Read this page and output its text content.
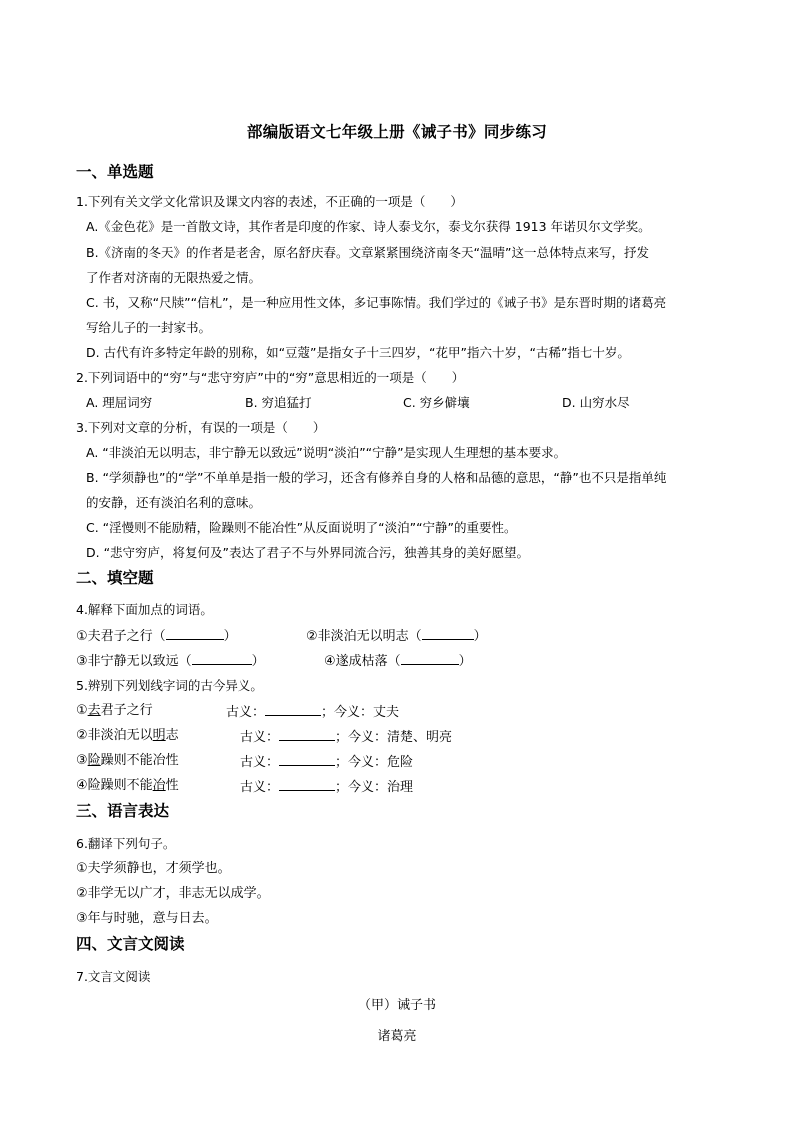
部编版语文七年级上册《诫子书》同步练习
一、单选题
1.下列有关文学文化常识及课文内容的表述，不正确的一项是（　　）
A.《金色花》是一首散文诗，其作者是印度的作家、诗人泰戈尔，泰戈尔获得 1913 年诺贝尔文学奖。
B.《济南的冬天》的作者是老舍，原名舒庆春。文章紧紧围绕济南冬天“温晴”这一总体特点来写，抒发
了作者对济南的无限热爱之情。
C. 书，又称“尺牍”“信札”，是一种应用性文体，多记事陈情。我们学过的《诫子书》是东晋时期的诸葛亮
写给儿子的一封家书。
D. 古代有许多特定年龄的别称，如“豆蔻”是指女子十三四岁，“花甲”指六十岁，“古稀”指七十岁。
2.下列词语中的“穷”与“悲守穷庐”中的“穷”意思相近的一项是（　　）
A. 理屈词穷	B. 穷追猛打	C. 穷乡僻壤	D. 山穷水尽
3.下列对文章的分析，有误的一项是（　　）
A. “非淡泊无以明志，非宁静无以致远”说明“淡泊”“宁静”是实现人生理想的基本要求。
B. “学须静也”的“学”不单单是指一般的学习，还含有修养自身的人格和品德的意思，“静”也不只是指单纯
的安静，还有淡泊名利的意味。
C. “淫慢则不能励精，险躁则不能冶性”从反面说明了“淡泊”“宁静”的重要性。
D. “悲守穷庐，将复何及”表达了君子不与外界同流合污，独善其身的美好愿望。
二、填空题
4.解释下面加点的词语。
①夫君子之行（	）	②非淡泊无以明志（	）
③非宁静无以致远（	）	④遂成枯落（	）
5.辨别下列划线字词的古今异义。
①去君子之行	古义：	；今义：丈夫
②非淡泊无以明志	古义：	；今义：清楚、明亮
③险躁则不能冶性	古义：	；今义：危险
④险躁则不能冶性	古义：	；今义：治理
三、语言表达
6.翻译下列句子。
①夫学须静也，才须学也。
②非学无以广才，非志无以成学。
③年与时驰，意与日去。
四、文言文阅读
7.文言文阅读
（甲）诫子书
诸葛亮
